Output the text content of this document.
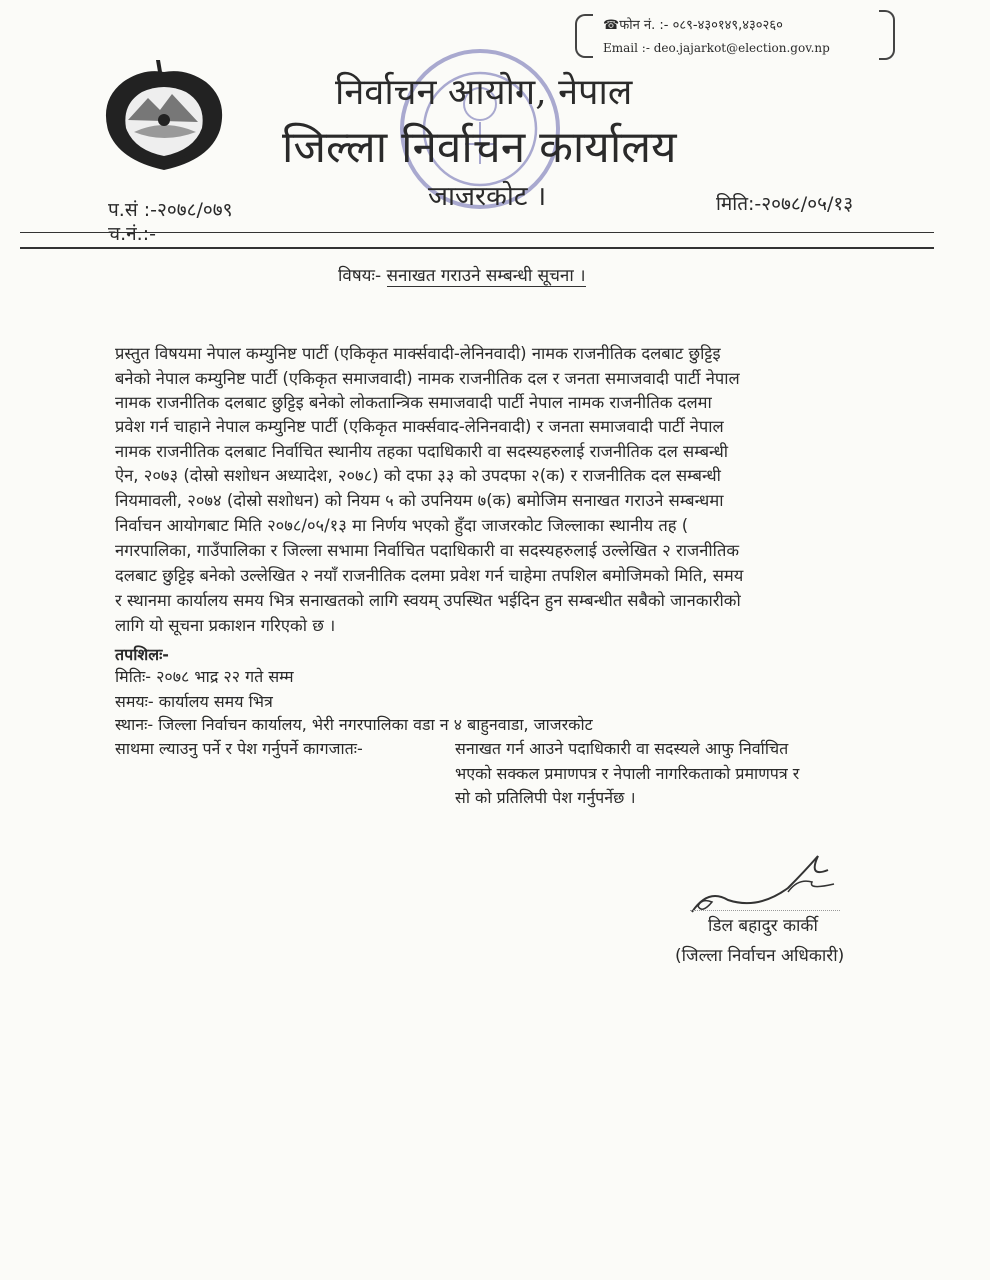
☎फोन नं. :- ०८९-४३०१४९,४३०२६०
Email :- deo.jajarkot@election.gov.np
निर्वाचन आयोग, नेपाल
जिल्ला निर्वाचन कार्यालय
जाजरकोट ।
प.सं :-२०७८/०७९
च.नं.:-
मिति:-२०७८/०५/१३
विषयः- सनाखत गराउने सम्बन्धी सूचना ।
प्रस्तुत विषयमा नेपाल कम्युनिष्ट पार्टी (एकिकृत मार्क्सवादी-लेनिनवादी) नामक राजनीतिक दलबाट छुट्टिइ
बनेको नेपाल कम्युनिष्ट पार्टी (एकिकृत समाजवादी) नामक राजनीतिक दल र जनता समाजवादी पार्टी नेपाल
नामक राजनीतिक दलबाट छुट्टिइ बनेको लोकतान्त्रिक समाजवादी पार्टी नेपाल नामक राजनीतिक दलमा
प्रवेश गर्न चाहाने नेपाल कम्युनिष्ट पार्टी (एकिकृत मार्क्सवाद-लेनिनवादी) र जनता समाजवादी पार्टी नेपाल
नामक राजनीतिक दलबाट निर्वाचित स्थानीय तहका पदाधिकारी वा सदस्यहरुलाई राजनीतिक दल सम्बन्धी
ऐन, २०७३ (दोस्रो सशोधन अध्यादेश, २०७८) को दफा ३३ को उपदफा २(क) र राजनीतिक दल सम्बन्धी
नियमावली, २०७४ (दोस्रो सशोधन) को नियम ५ को उपनियम ७(क) बमोजिम सनाखत गराउने सम्बन्धमा
निर्वाचन आयोगबाट मिति २०७८/०५/१३ मा निर्णय भएको हुँदा जाजरकोट जिल्लाका स्थानीय तह (
नगरपालिका, गाउँपालिका र जिल्ला सभामा निर्वाचित पदाधिकारी वा सदस्यहरुलाई उल्लेखित २ राजनीतिक
दलबाट छुट्टिइ बनेको उल्लेखित २ नयाँ राजनीतिक दलमा प्रवेश गर्न चाहेमा तपशिल बमोजिमको मिति, समय
र स्थानमा कार्यालय समय भित्र सनाखतको लागि स्वयम् उपस्थित भईदिन हुन सम्बन्धीत सबैको जानकारीको
लागि यो सूचना प्रकाशन गरिएको छ ।
तपशिलः-
मितिः- २०७८ भाद्र २२ गते सम्म
समयः- कार्यालय समय भित्र
स्थानः- जिल्ला निर्वाचन कार्यालय, भेरी नगरपालिका वडा न ४ बाहुनवाडा, जाजरकोट
साथमा ल्याउनु पर्ने र पेश गर्नुपर्ने कागजातः-	सनाखत गर्न आउने पदाधिकारी वा सदस्यले आफु निर्वाचित
भएको सक्कल प्रमाणपत्र र नेपाली नागरिकताको प्रमाणपत्र र
सो को प्रतिलिपी पेश गर्नुपर्नेछ ।
डिल बहादुर कार्की
(जिल्ला निर्वाचन अधिकारी)
